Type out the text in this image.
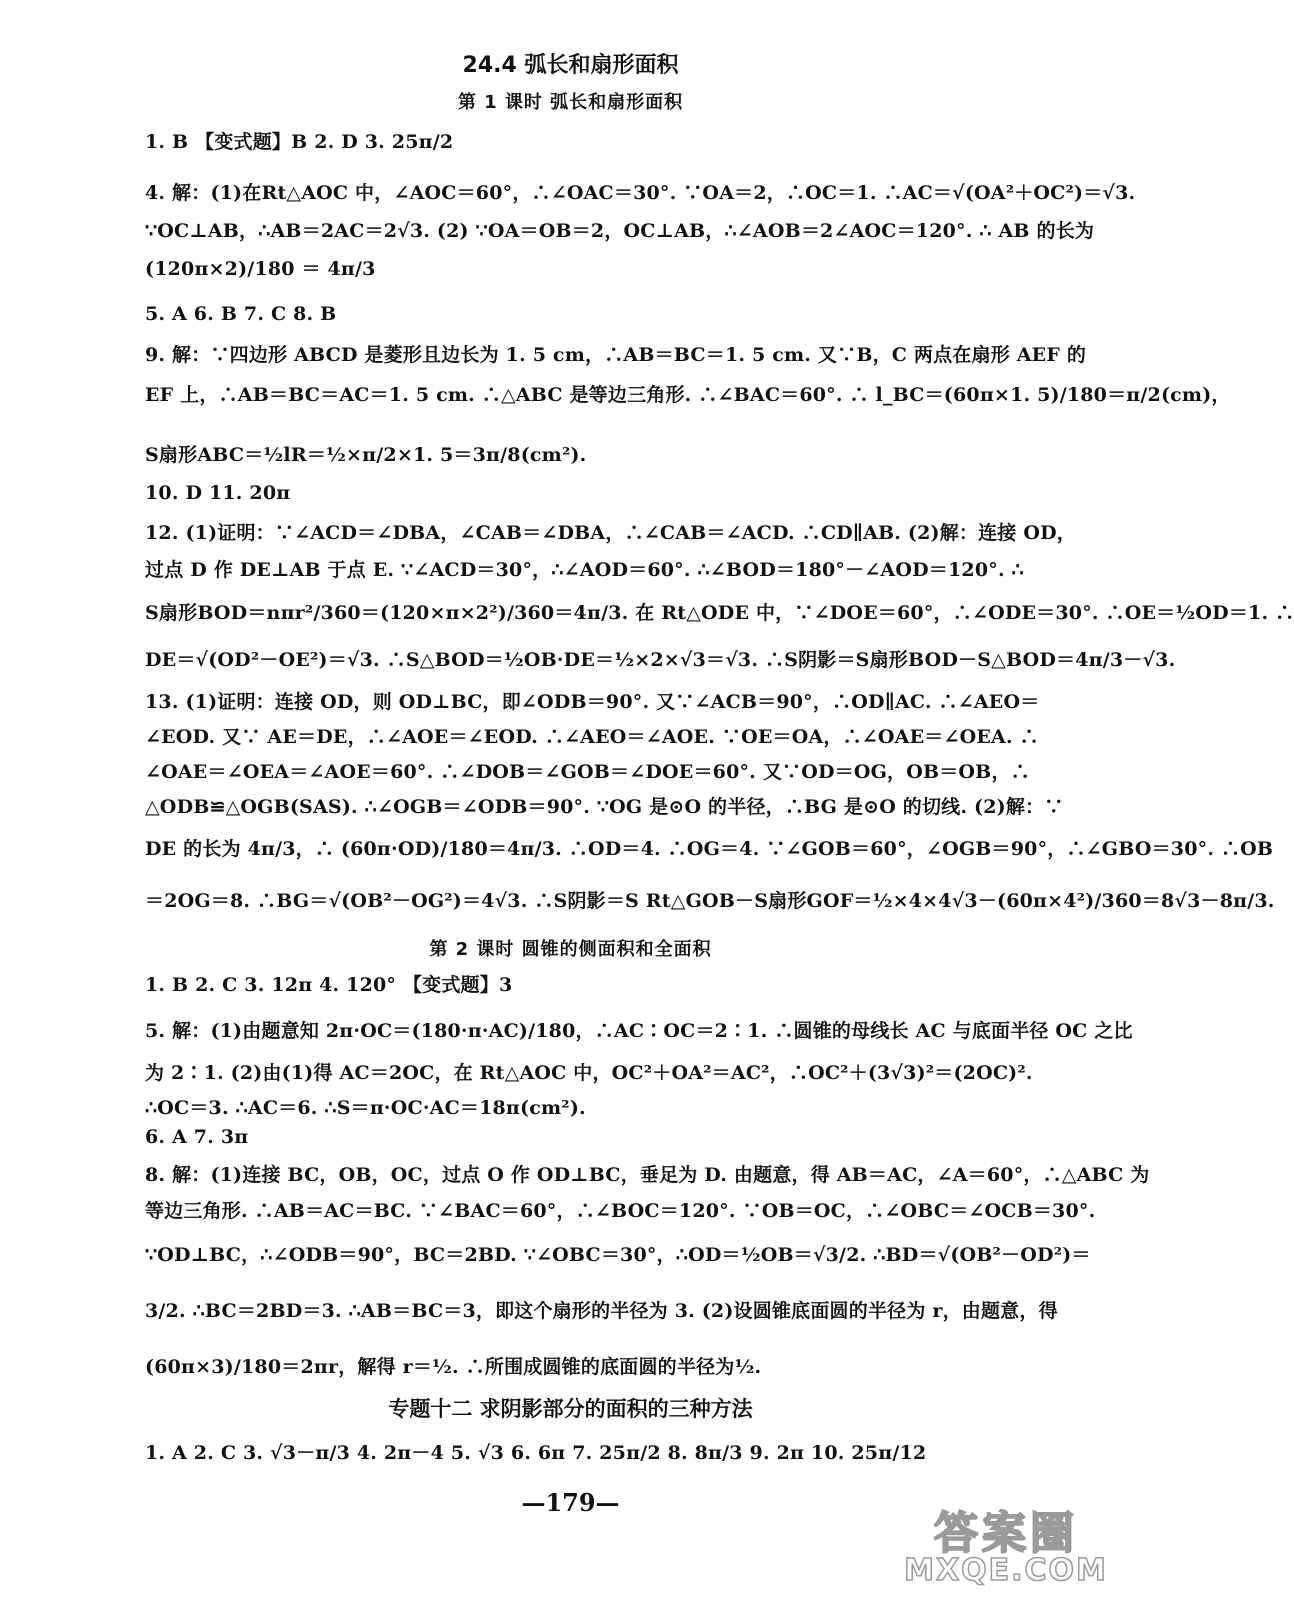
24.4 弧长和扇形面积
第 1 课时 弧长和扇形面积
1. B 【变式题】B 2. D 3. 25π/2
4. 解：(1)在Rt△AOC 中，∠AOC＝60°，∴∠OAC＝30°. ∵OA＝2，∴OC＝1. ∴AC＝√(OA²＋OC²)＝√3.
∵OC⊥AB，∴AB＝2AC＝2√3. (2) ∵OA＝OB＝2，OC⊥AB，∴∠AOB＝2∠AOC＝120°. ∴ AB 的长为
(120π×2)/180 ＝ 4π/3
5. A 6. B 7. C 8. B
9. 解：∵四边形 ABCD 是菱形且边长为 1. 5 cm，∴AB＝BC＝1. 5 cm. 又∵B，C 两点在扇形 AEF 的
EF 上，∴AB＝BC＝AC＝1. 5 cm. ∴△ABC 是等边三角形. ∴∠BAC＝60°. ∴ l_BC＝(60π×1. 5)/180＝π/2(cm)，
S扇形ABC＝½lR＝½×π/2×1. 5＝3π/8(cm²).
10. D 11. 20π
12. (1)证明：∵∠ACD＝∠DBA，∠CAB＝∠DBA，∴∠CAB＝∠ACD. ∴CD∥AB. (2)解：连接 OD，
过点 D 作 DE⊥AB 于点 E. ∵∠ACD＝30°，∴∠AOD＝60°. ∴∠BOD＝180°－∠AOD＝120°. ∴
S扇形BOD＝nπr²/360＝(120×π×2²)/360＝4π/3. 在 Rt△ODE 中，∵∠DOE＝60°，∴∠ODE＝30°. ∴OE＝½OD＝1. ∴
DE＝√(OD²－OE²)＝√3. ∴S△BOD＝½OB·DE＝½×2×√3＝√3. ∴S阴影＝S扇形BOD－S△BOD＝4π/3－√3.
13. (1)证明：连接 OD，则 OD⊥BC，即∠ODB＝90°. 又∵∠ACB＝90°，∴OD∥AC. ∴∠AEO＝
∠EOD. 又∵ AE＝DE，∴∠AOE＝∠EOD. ∴∠AEO＝∠AOE. ∵OE＝OA，∴∠OAE＝∠OEA. ∴
∠OAE＝∠OEA＝∠AOE＝60°. ∴∠DOB＝∠GOB＝∠DOE＝60°. 又∵OD＝OG，OB＝OB，∴
△ODB≌△OGB(SAS). ∴∠OGB＝∠ODB＝90°. ∵OG 是⊙O 的半径，∴BG 是⊙O 的切线. (2)解：∵
DE 的长为 4π/3，∴ (60π·OD)/180＝4π/3. ∴OD＝4. ∴OG＝4. ∵∠GOB＝60°，∠OGB＝90°，∴∠GBO＝30°. ∴OB
＝2OG＝8. ∴BG＝√(OB²－OG²)＝4√3. ∴S阴影＝S Rt△GOB－S扇形GOF＝½×4×4√3－(60π×4²)/360＝8√3－8π/3.
第 2 课时 圆锥的侧面积和全面积
1. B 2. C 3. 12π 4. 120° 【变式题】3
5. 解：(1)由题意知 2π·OC＝(180·π·AC)/180，∴AC∶OC＝2∶1. ∴圆锥的母线长 AC 与底面半径 OC 之比
为 2∶1. (2)由(1)得 AC＝2OC，在 Rt△AOC 中，OC²＋OA²＝AC²，∴OC²＋(3√3)²＝(2OC)².
∴OC＝3. ∴AC＝6. ∴S＝π·OC·AC＝18π(cm²).
6. A 7. 3π
8. 解：(1)连接 BC，OB，OC，过点 O 作 OD⊥BC，垂足为 D. 由题意，得 AB＝AC，∠A＝60°，∴△ABC 为
等边三角形. ∴AB＝AC＝BC. ∵∠BAC＝60°，∴∠BOC＝120°. ∵OB＝OC，∴∠OBC＝∠OCB＝30°.
∵OD⊥BC，∴∠ODB＝90°，BC＝2BD. ∵∠OBC＝30°，∴OD＝½OB＝√3/2. ∴BD＝√(OB²－OD²)＝
3/2. ∴BC＝2BD＝3. ∴AB＝BC＝3，即这个扇形的半径为 3. (2)设圆锥底面圆的半径为 r，由题意，得
(60π×3)/180＝2πr，解得 r＝½. ∴所围成圆锥的底面圆的半径为½.
专题十二 求阴影部分的面积的三种方法
1. A 2. C 3. √3－π/3 4. 2π－4 5. √3 6. 6π 7. 25π/2 8. 8π/3 9. 2π 10. 25π/12
—179—
答案圈
MXQE.COM
